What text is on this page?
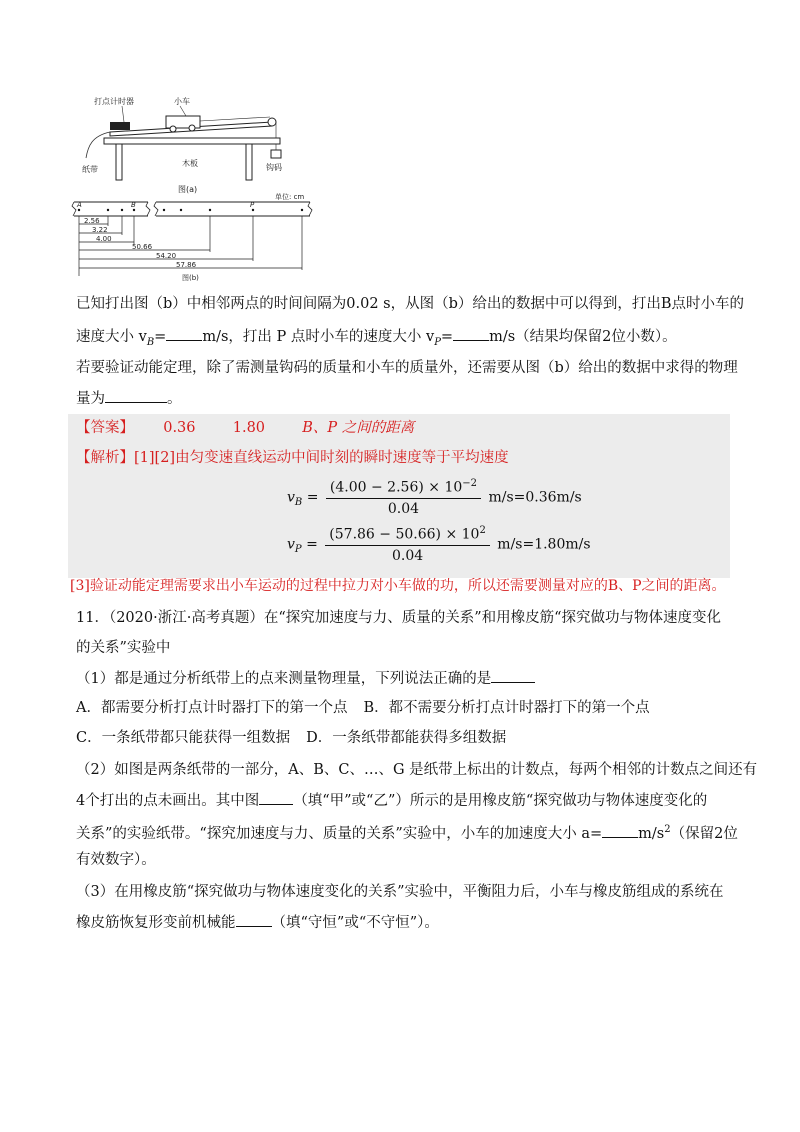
打点计时器	小车
纸带
木板	钩码
图(a)
单位: cm
A	B	P
2.56
3.22
4.00
50.66
54.20
57.86
图(b)
已知打出图（b）中相邻两点的时间间隔为0.02 s，从图（b）给出的数据中可以得到，打出B点时小车的
速度大小 $v_B= m/s$，打出 P 点时小车的速度大小 $v_P= m/s$（结果均保留2位小数）。
若要验证动能定理，除了需测量钩码的质量和小车的质量外，还需要从图（b）给出的数据中求得的物理
量为	。
【答案】 0.36	1.80	B、P 之间的距离
【解析】[1][2]由匀变速直线运动中间时刻的瞬时速度等于平均速度
$v_B = \frac{(4.00 - 2.56) \times 10^{-2}}{0.04} m/s=0.36m/s$
$v_P = \frac{(57.86 - 50.66) \times 10^2}{0.04} m/s=1.80m/s$
[3]验证动能定理需要求出小车运动的过程中拉力对小车做的功，所以还需要测量对应的B、P之间的距离。
11．（2020·浙江·高考真题）在“探究加速度与力、质量的关系”和用橡皮筋“探究做功与物体速度变化
的关系”实验中
（1）都是通过分析纸带上的点来测量物理量，下列说法正确的是
A．都需要分析打点计时器打下的第一个点 B．都不需要分析打点计时器打下的第一个点
C．一条纸带都只能获得一组数据 D．一条纸带都能获得多组数据
（2）如图是两条纸带的一部分，A、B、C、…、G 是纸带上标出的计数点，每两个相邻的计数点之间还有
4个打出的点未画出。其中图 （填“甲”或“乙”）所示的是用橡皮筋“探究做功与物体速度变化的
关系”的实验纸带。“探究加速度与力、质量的关系”实验中，小车的加速度大小 $a= m/s^2$（保留2位
有效数字）。
（3）在用橡皮筋“探究做功与物体速度变化的关系”实验中，平衡阻力后，小车与橡皮筋组成的系统在
橡皮筋恢复形变前机械能 （填“守恒”或“不守恒”）。
